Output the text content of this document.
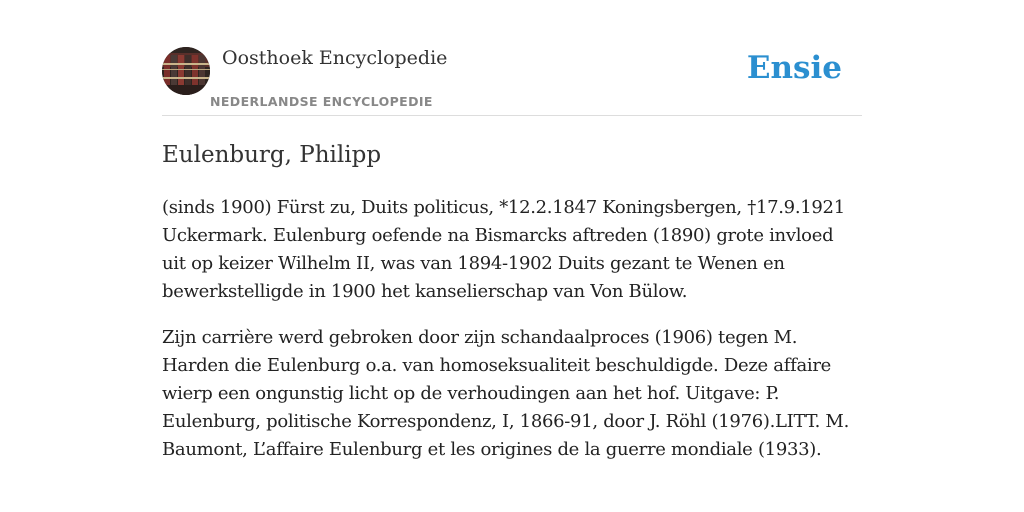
Oosthoek Encyclopedie
NEDERLANDSE ENCYCLOPEDIE
Ensie
Eulenburg, Philipp

(sinds 1900) Fürst zu, Duits politicus, *12.2.1847 Koningsbergen, †17.9.1921 Uckermark. Eulenburg oefende na Bismarcks aftreden (1890) grote invloed uit op keizer Wilhelm II, was van 1894-1902 Duits gezant te Wenen en bewerkstelligde in 1900 het kanselierschap van Von Bülow.

Zijn carrière werd gebroken door zijn schandaalproces (1906) tegen M. Harden die Eulenburg o.a. van homoseksualiteit beschuldigde. Deze affaire wierp een ongunstig licht op de verhoudingen aan het hof. Uitgave: P. Eulenburg, politische Korrespondenz, I, 1866-91, door J. Röhl (1976).LITT. M. Baumont, L’affaire Eulenburg et les origines de la guerre mondiale (1933).
